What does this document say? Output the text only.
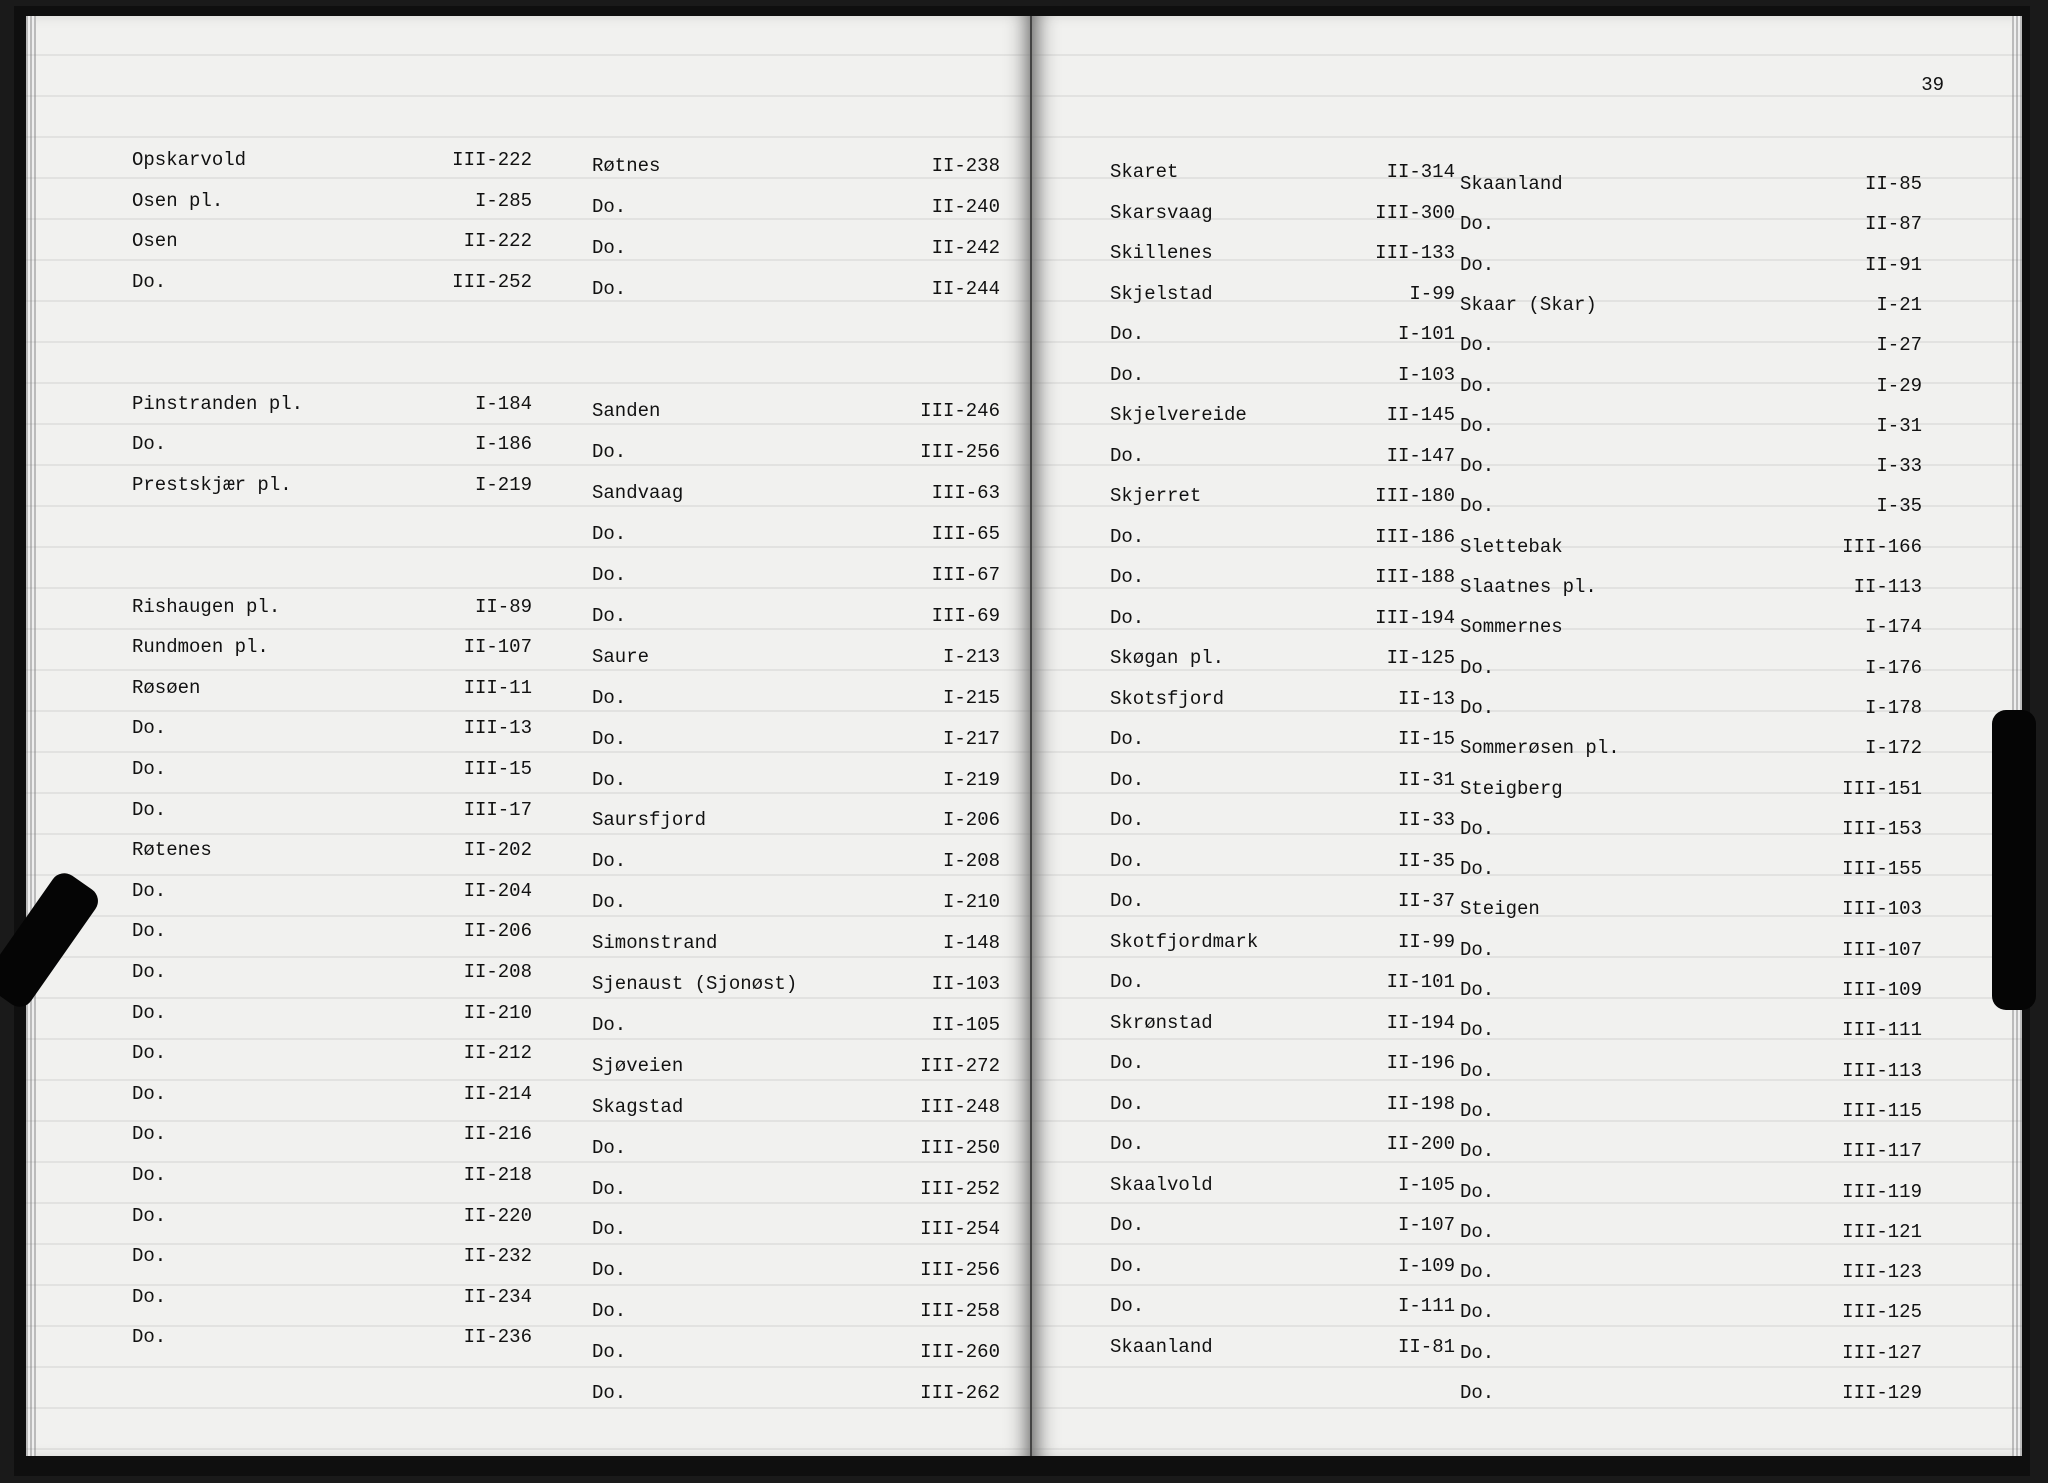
Opskarvold	III-222
Osen pl.	I-285
Osen	II-222
Do.	III-252
Pinstranden pl.	I-184
Do.	I-186
Prestskjær pl.	I-219
Rishaugen pl.	II-89
Rundmoen pl.	II-107
Røsøen	III-11
Do.	III-13
Do.	III-15
Do.	III-17
Røtenes	II-202
Do.	II-204
Do.	II-206
Do.	II-208
Do.	II-210
Do.	II-212
Do.	II-214
Do.	II-216
Do.	II-218
Do.	II-220
Do.	II-232
Do.	II-234
Do.	II-236
Røtnes	II-238
Do.	II-240
Do.	II-242
Do.	II-244
Sanden	III-246
Do.	III-256
Sandvaag	III-63
Do.	III-65
Do.	III-67
Do.	III-69
Saure	I-213
Do.	I-215
Do.	I-217
Do.	I-219
Saursfjord	I-206
Do.	I-208
Do.	I-210
Simonstrand	I-148
Sjenaust (Sjonøst)	II-103
Do.	II-105
Sjøveien	III-272
Skagstad	III-248
Do.	III-250
Do.	III-252
Do.	III-254
Do.	III-256
Do.	III-258
Do.	III-260
Do.	III-262
39
Skaret	II-314
Skarsvaag	III-300
Skillenes	III-133
Skjelstad	I-99
Do.	I-101
Do.	I-103
Skjelvereide	II-145
Do.	II-147
Skjerret	III-180
Do.	III-186
Do.	III-188
Do.	III-194
Skøgan pl.	II-125
Skotsfjord	II-13
Do.	II-15
Do.	II-31
Do.	II-33
Do.	II-35
Do.	II-37
Skotfjordmark	II-99
Do.	II-101
Skrønstad	II-194
Do.	II-196
Do.	II-198
Do.	II-200
Skaalvold	I-105
Do.	I-107
Do.	I-109
Do.	I-111
Skaanland	II-81
Skaanland	II-85
Do.	II-87
Do.	II-91
Skaar (Skar)	I-21
Do.	I-27
Do.	I-29
Do.	I-31
Do.	I-33
Do.	I-35
Slettebak	III-166
Slaatnes pl.	II-113
Sommernes	I-174
Do.	I-176
Do.	I-178
Sommerøsen pl.	I-172
Steigberg	III-151
Do.	III-153
Do.	III-155
Steigen	III-103
Do.	III-107
Do.	III-109
Do.	III-111
Do.	III-113
Do.	III-115
Do.	III-117
Do.	III-119
Do.	III-121
Do.	III-123
Do.	III-125
Do.	III-127
Do.	III-129
